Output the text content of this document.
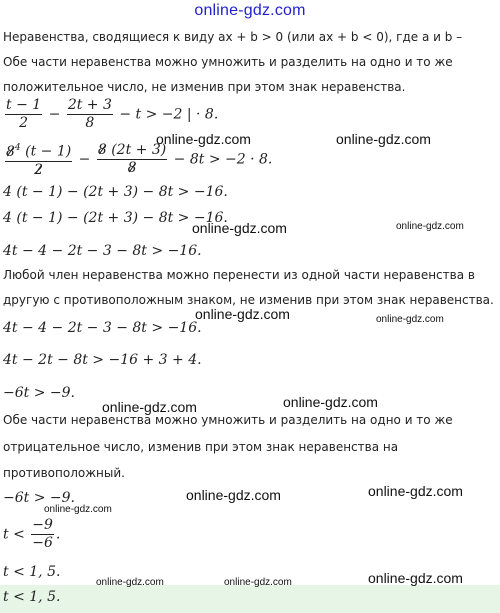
online-gdz.com
Неравенства, сводящиеся к виду ax + b > 0 (или ax + b < 0), где a и b –
Обе части неравенства можно умножить и разделить на одно и то же
положительное число, не изменив при этом знак неравенства.
$\frac{t - 1}{2} - \frac{2t + 3}{8} - t > -2$ | · 8.
$\frac{8^4 (t - 1)}{2} - \frac{8 (2t + 3)}{8} - 8t > -2 \cdot 8$.
4 (t − 1) − (2t + 3) − 8t > −16.
4 (t − 1) − (2t + 3) − 8t > −16.
4t − 4 − 2t − 3 − 8t > −16.
Любой член неравенства можно перенести из одной части неравенства в
другую с противоположным знаком, не изменив при этом знак неравенства.
4t − 4 − 2t − 3 − 8t > −16.
4t − 2t − 8t > −16 + 3 + 4.
−6t > −9.
Обе части неравенства можно умножить и разделить на одно и то же
отрицательное число, изменив при этом знак неравенства на
противоположный.
−6t > −9.
$t < \frac{-9}{-6}$ .
t < 1, 5.
t < 1, 5.
online-gdz.com	online-gdz.com
online-gdz.com	online-gdz.com
online-gdz.com	online-gdz.com
online-gdz.com	online-gdz.com
online-gdz.com	online-gdz.com
online-gdz.com
online-gdz.com	online-gdz.com	online-gdz.com
